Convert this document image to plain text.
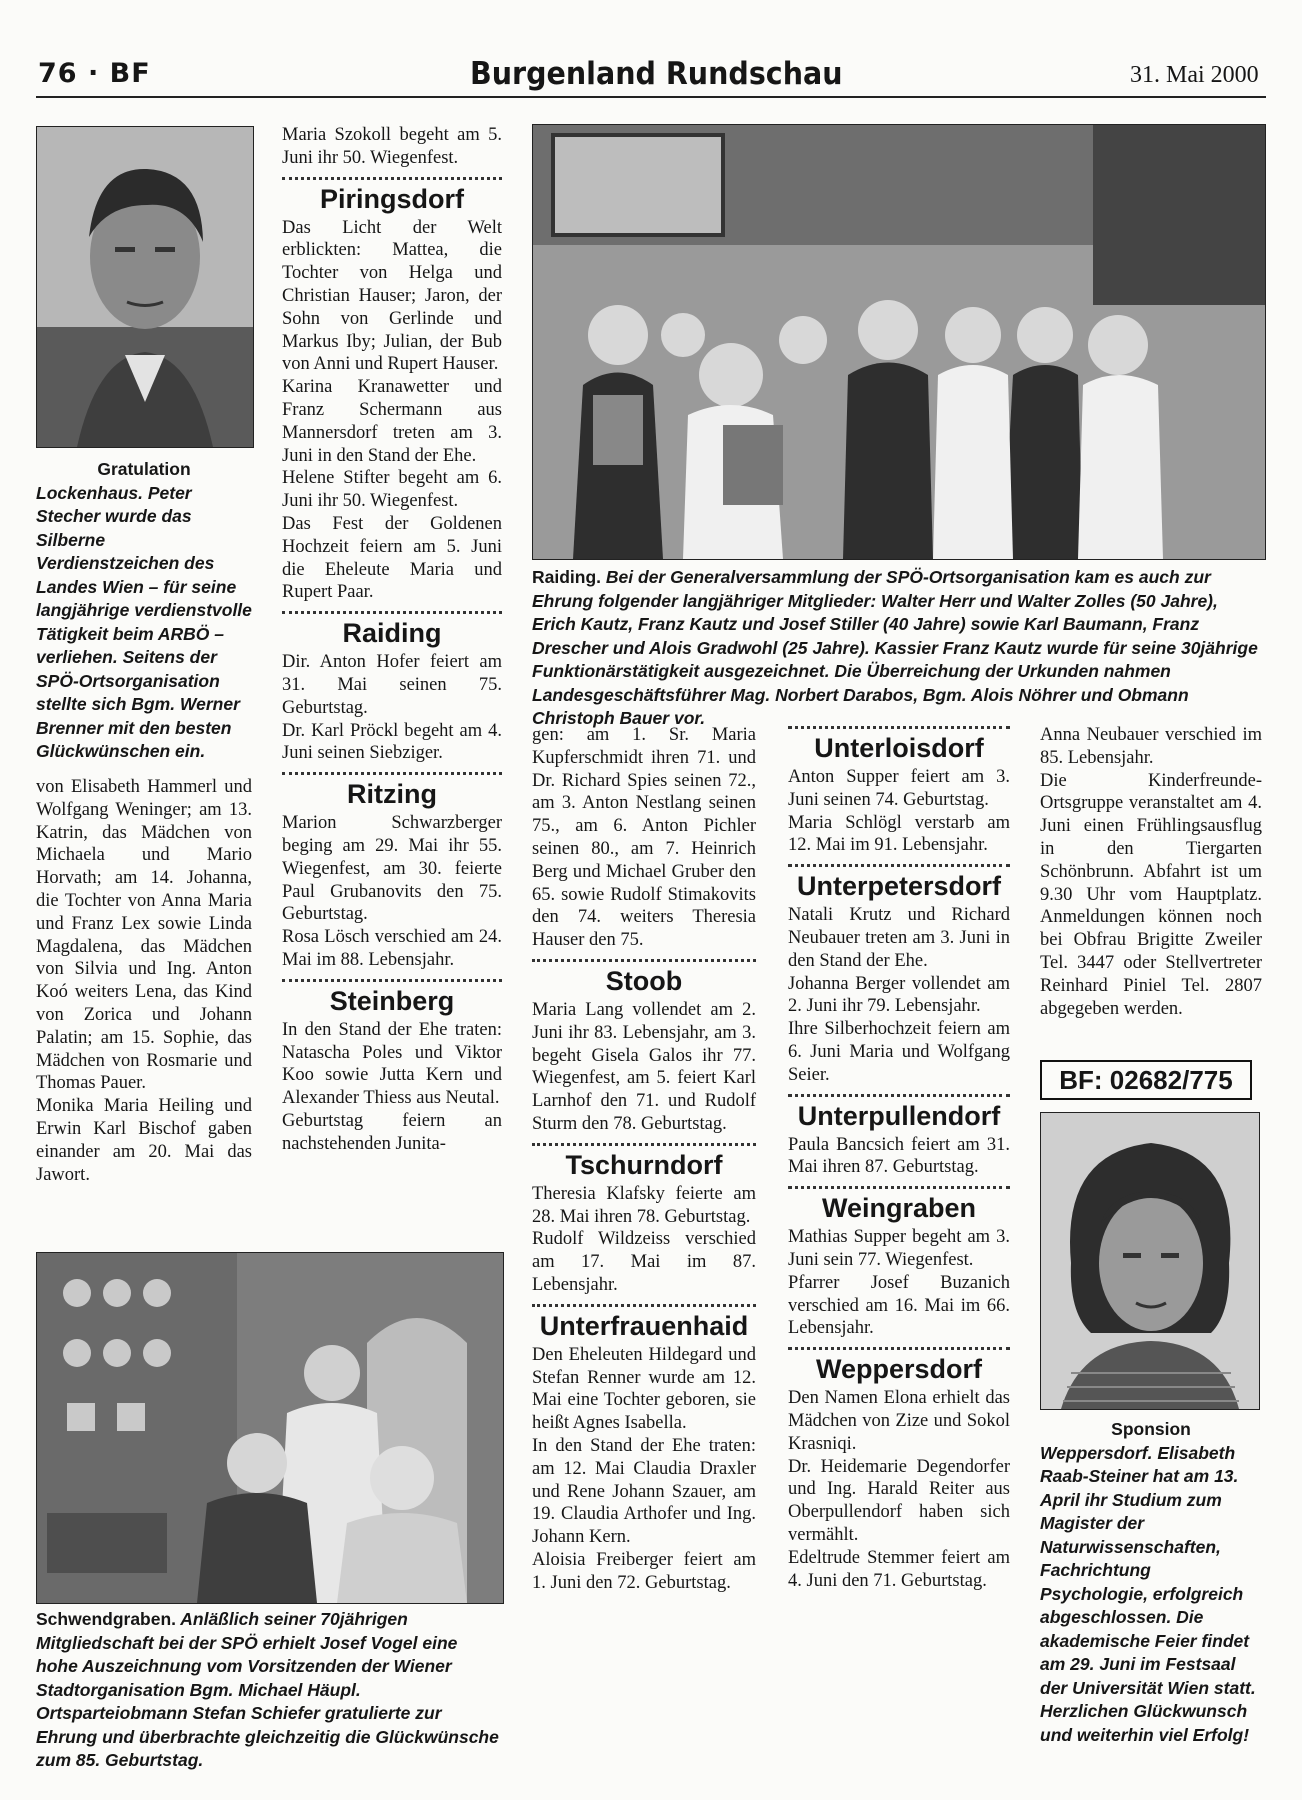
76 · BF	Burgenland Rundschau	31. Mai 2000
Gratulation
Lockenhaus. Peter Stecher wurde das Silberne Verdienstzeichen des Landes Wien – für seine langjährige verdienstvolle Tätigkeit beim ARBÖ – verliehen. Seitens der SPÖ-Ortsorganisation stellte sich Bgm. Werner Brenner mit den besten Glückwünschen ein.

von Elisabeth Hammerl und Wolfgang Weninger; am 13. Katrin, das Mädchen von Michaela und Mario Horvath; am 14. Johanna, die Tochter von Anna Maria und Franz Lex sowie Linda Magdalena, das Mädchen von Silvia und Ing. Anton Koó weiters Lena, das Kind von Zorica und Johann Palatin; am 15. Sophie, das Mädchen von Rosmarie und Thomas Pauer.

Monika Maria Heiling und Erwin Karl Bischof gaben einander am 20. Mai das Jawort.

Maria Szokoll begeht am 5. Juni ihr 50. Wiegenfest.

Piringsdorf

Das Licht der Welt erblickten: Mattea, die Tochter von Helga und Christian Hauser; Jaron, der Sohn von Gerlinde und Markus Iby; Julian, der Bub von Anni und Rupert Hauser.

Karina Kranawetter und Franz Schermann aus Mannersdorf treten am 3. Juni in den Stand der Ehe.

Helene Stifter begeht am 6. Juni ihr 50. Wiegenfest.

Das Fest der Goldenen Hochzeit feiern am 5. Juni die Eheleute Maria und Rupert Paar.

Raiding

Dir. Anton Hofer feiert am 31. Mai seinen 75. Geburtstag.

Dr. Karl Pröckl begeht am 4. Juni seinen Siebziger.

Ritzing

Marion Schwarzberger beging am 29. Mai ihr 55. Wiegenfest, am 30. feierte Paul Grubanovits den 75. Geburtstag.

Rosa Lösch verschied am 24. Mai im 88. Lebensjahr.

Steinberg

In den Stand der Ehe traten: Natascha Poles und Viktor Koo sowie Jutta Kern und Alexander Thiess aus Neutal.

Geburtstag feiern an nachstehenden Junita-

Raiding. Bei der Generalversammlung der SPÖ-Ortsorganisation kam es auch zur Ehrung folgender langjähriger Mitglieder: Walter Herr und Walter Zolles (50 Jahre), Erich Kautz, Franz Kautz und Josef Stiller (40 Jahre) sowie Karl Baumann, Franz Drescher und Alois Gradwohl (25 Jahre). Kassier Franz Kautz wurde für seine 30jährige Funktionärstätigkeit ausgezeichnet. Die Überreichung der Urkunden nahmen Landesgeschäftsführer Mag. Norbert Darabos, Bgm. Alois Nöhrer und Obmann Christoph Bauer vor.

gen: am 1. Sr. Maria Kupferschmidt ihren 71. und Dr. Richard Spies seinen 72., am 3. Anton Nestlang seinen 75., am 6. Anton Pichler seinen 80., am 7. Heinrich Berg und Michael Gruber den 65. sowie Rudolf Stimakovits den 74. weiters Theresia Hauser den 75.

Stoob

Maria Lang vollendet am 2. Juni ihr 83. Lebensjahr, am 3. begeht Gisela Galos ihr 77. Wiegenfest, am 5. feiert Karl Larnhof den 71. und Rudolf Sturm den 78. Geburtstag.

Tschurndorf

Theresia Klafsky feierte am 28. Mai ihren 78. Geburtstag.

Rudolf Wildzeiss verschied am 17. Mai im 87. Lebensjahr.

Unterfrauenhaid

Den Eheleuten Hildegard und Stefan Renner wurde am 12. Mai eine Tochter geboren, sie heißt Agnes Isabella.

In den Stand der Ehe traten: am 12. Mai Claudia Draxler und Rene Johann Szauer, am 19. Claudia Arthofer und Ing. Johann Kern.

Aloisia Freiberger feiert am 1. Juni den 72. Geburtstag.

Unterloisdorf

Anton Supper feiert am 3. Juni seinen 74. Geburtstag.

Maria Schlögl verstarb am 12. Mai im 91. Lebensjahr.

Unterpetersdorf

Natali Krutz und Richard Neubauer treten am 3. Juni in den Stand der Ehe.

Johanna Berger vollendet am 2. Juni ihr 79. Lebensjahr.

Ihre Silberhochzeit feiern am 6. Juni Maria und Wolfgang Seier.

Unterpullendorf

Paula Bancsich feiert am 31. Mai ihren 87. Geburtstag.

Weingraben

Mathias Supper begeht am 3. Juni sein 77. Wiegenfest.

Pfarrer Josef Buzanich verschied am 16. Mai im 66. Lebensjahr.

Weppersdorf

Den Namen Elona erhielt das Mädchen von Zize und Sokol Krasniqi.

Dr. Heidemarie Degendorfer und Ing. Harald Reiter aus Oberpullendorf haben sich vermählt.

Edeltrude Stemmer feiert am 4. Juni den 71. Geburtstag.

Anna Neubauer verschied im 85. Lebensjahr.

Die Kinderfreunde-Ortsgruppe veranstaltet am 4. Juni einen Frühlingsausflug in den Tiergarten Schönbrunn. Abfahrt ist um 9.30 Uhr vom Hauptplatz. Anmeldungen können noch bei Obfrau Brigitte Zweiler Tel. 3447 oder Stellvertreter Reinhard Piniel Tel. 2807 abgegeben werden.

BF: 02682/775
Sponsion
Weppersdorf. Elisabeth Raab-Steiner hat am 13. April ihr Studium zum Magister der Naturwissenschaften, Fachrichtung Psychologie, erfolgreich abgeschlossen. Die akademische Feier findet am 29. Juni im Festsaal der Universität Wien statt. Herzlichen Glückwunsch und weiterhin viel Erfolg!
Schwendgraben. Anläßlich seiner 70jährigen Mitgliedschaft bei der SPÖ erhielt Josef Vogel eine hohe Auszeichnung vom Vorsitzenden der Wiener Stadtorganisation Bgm. Michael Häupl. Ortsparteiobmann Stefan Schiefer gratulierte zur Ehrung und überbrachte gleichzeitig die Glückwünsche zum 85. Geburtstag.
